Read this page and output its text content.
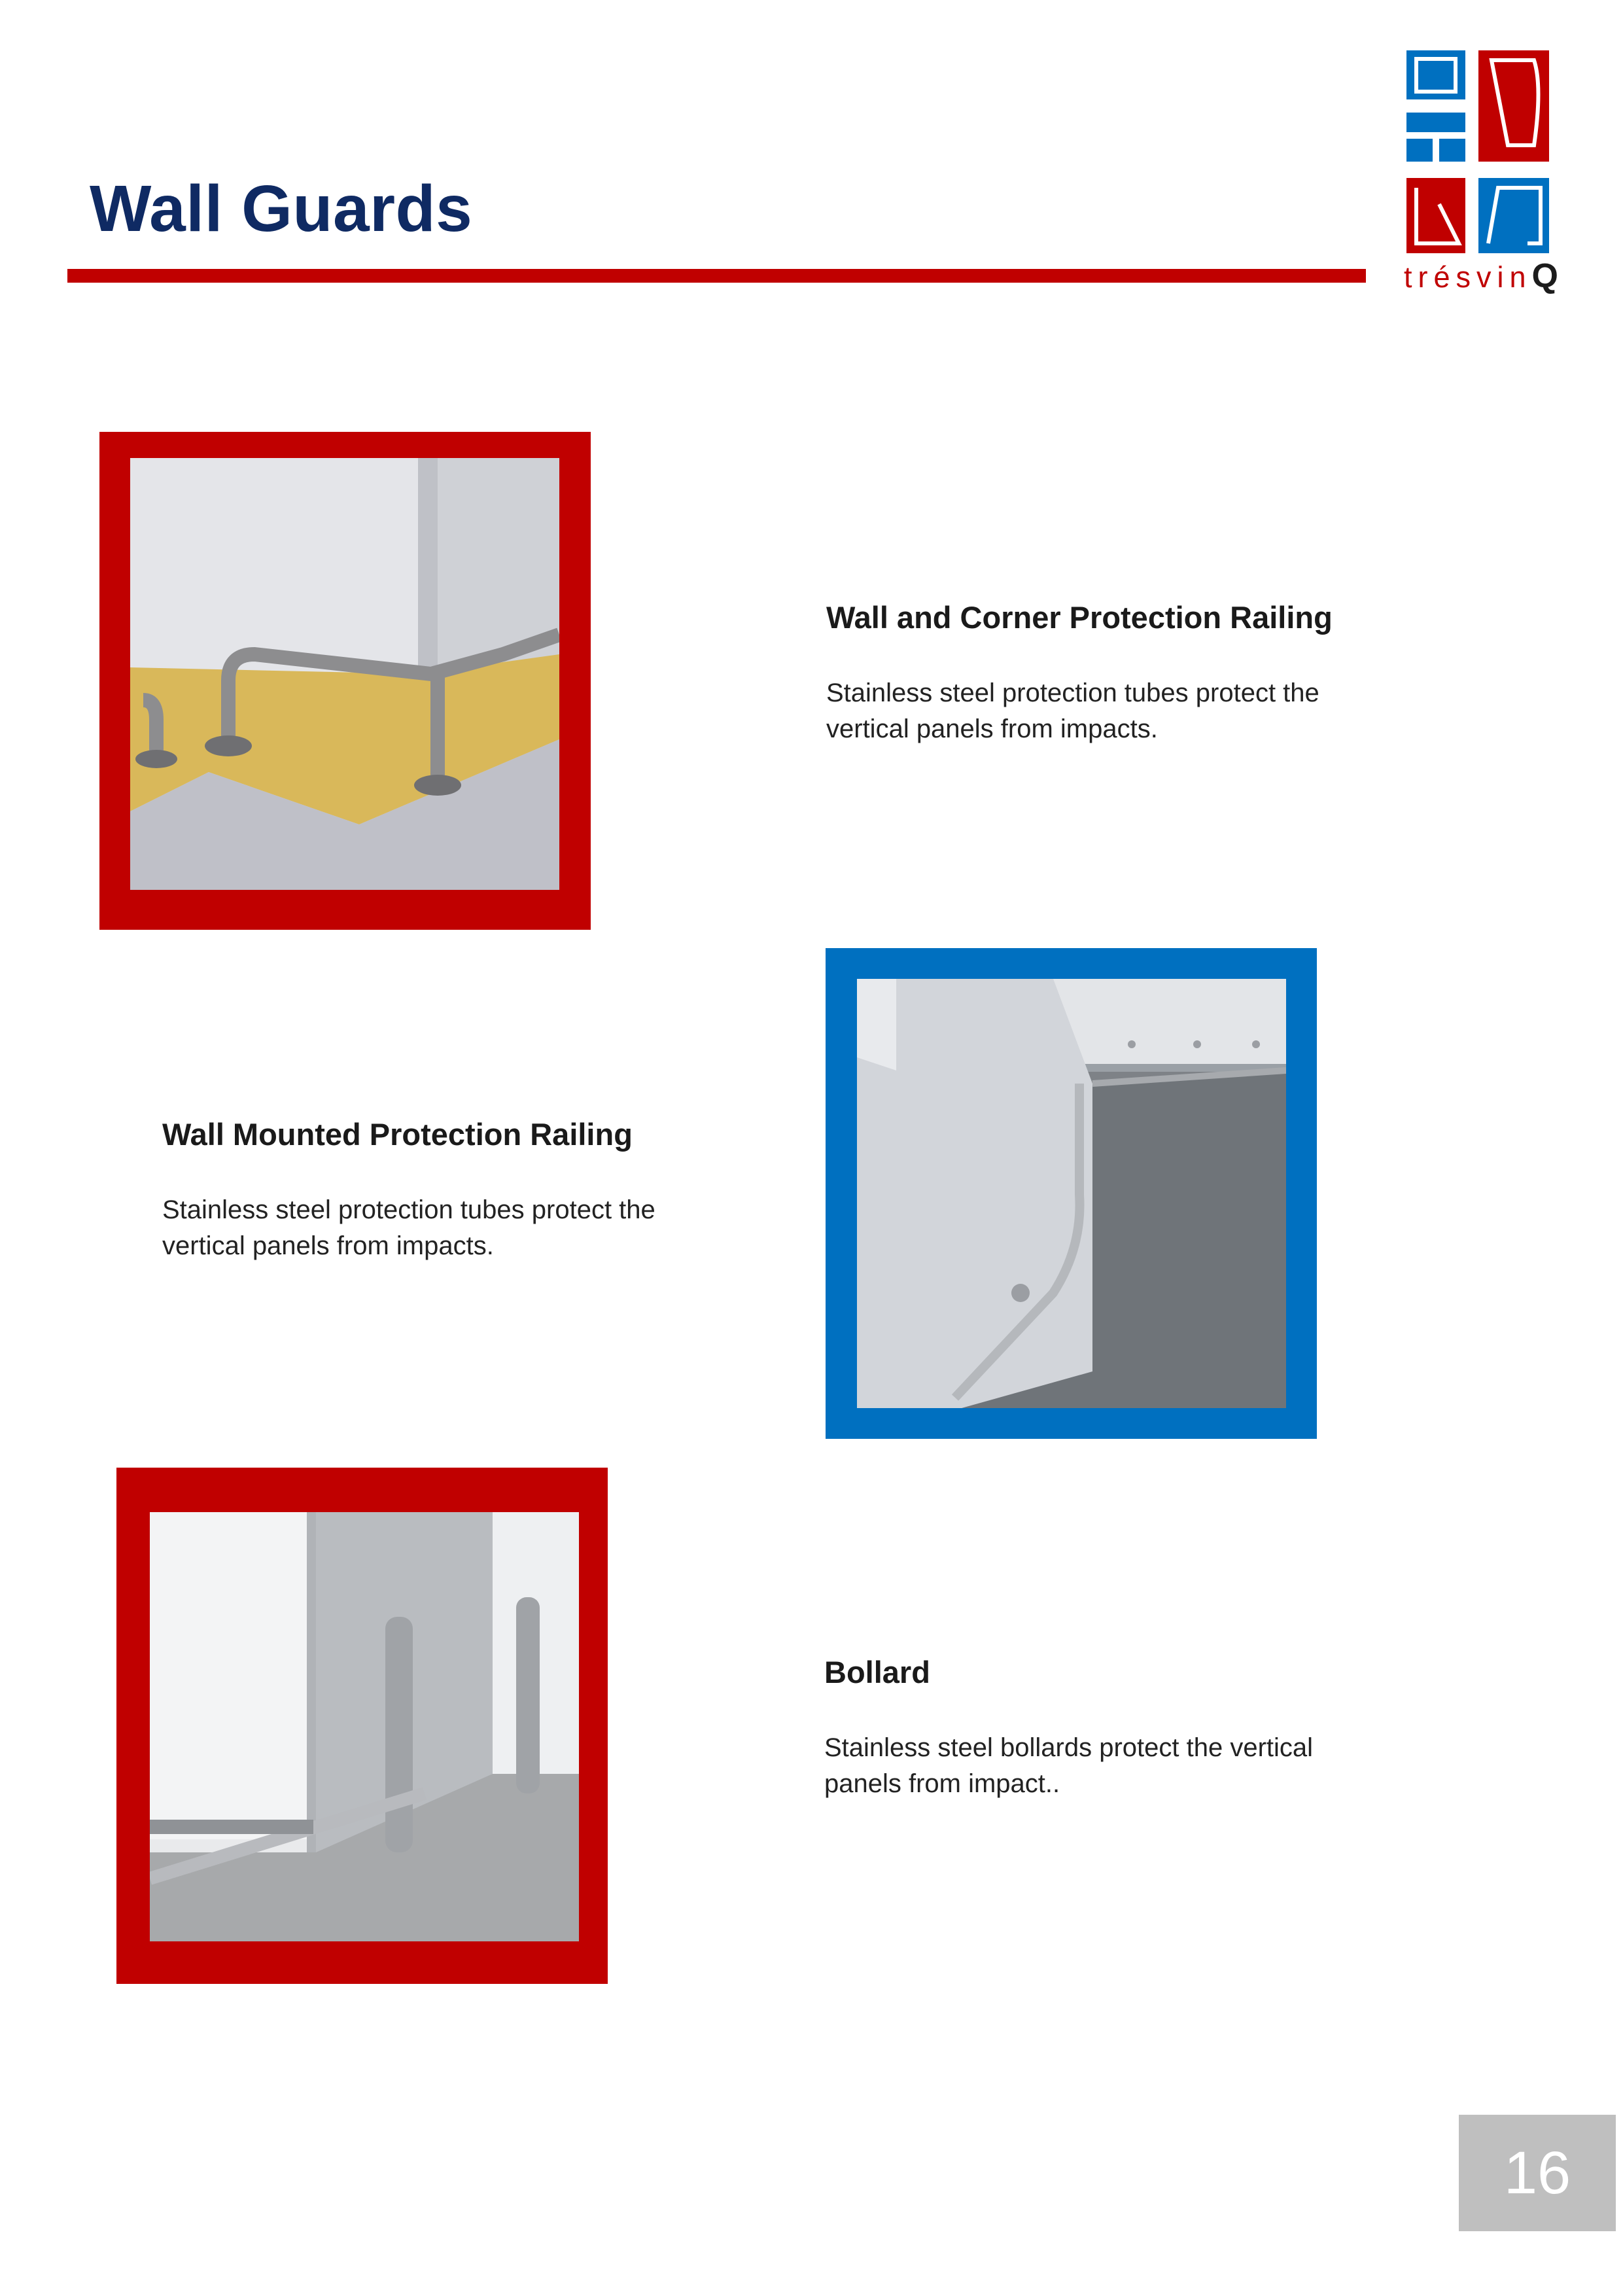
Wall Guards
trésvinQ
Wall and Corner Protection Railing

Stainless steel protection tubes protect the

vertical panels from impacts.

Wall Mounted Protection Railing

Stainless steel protection tubes protect the

vertical panels from impacts.

Bollard

Stainless steel bollards protect the vertical

panels from impact..

16
